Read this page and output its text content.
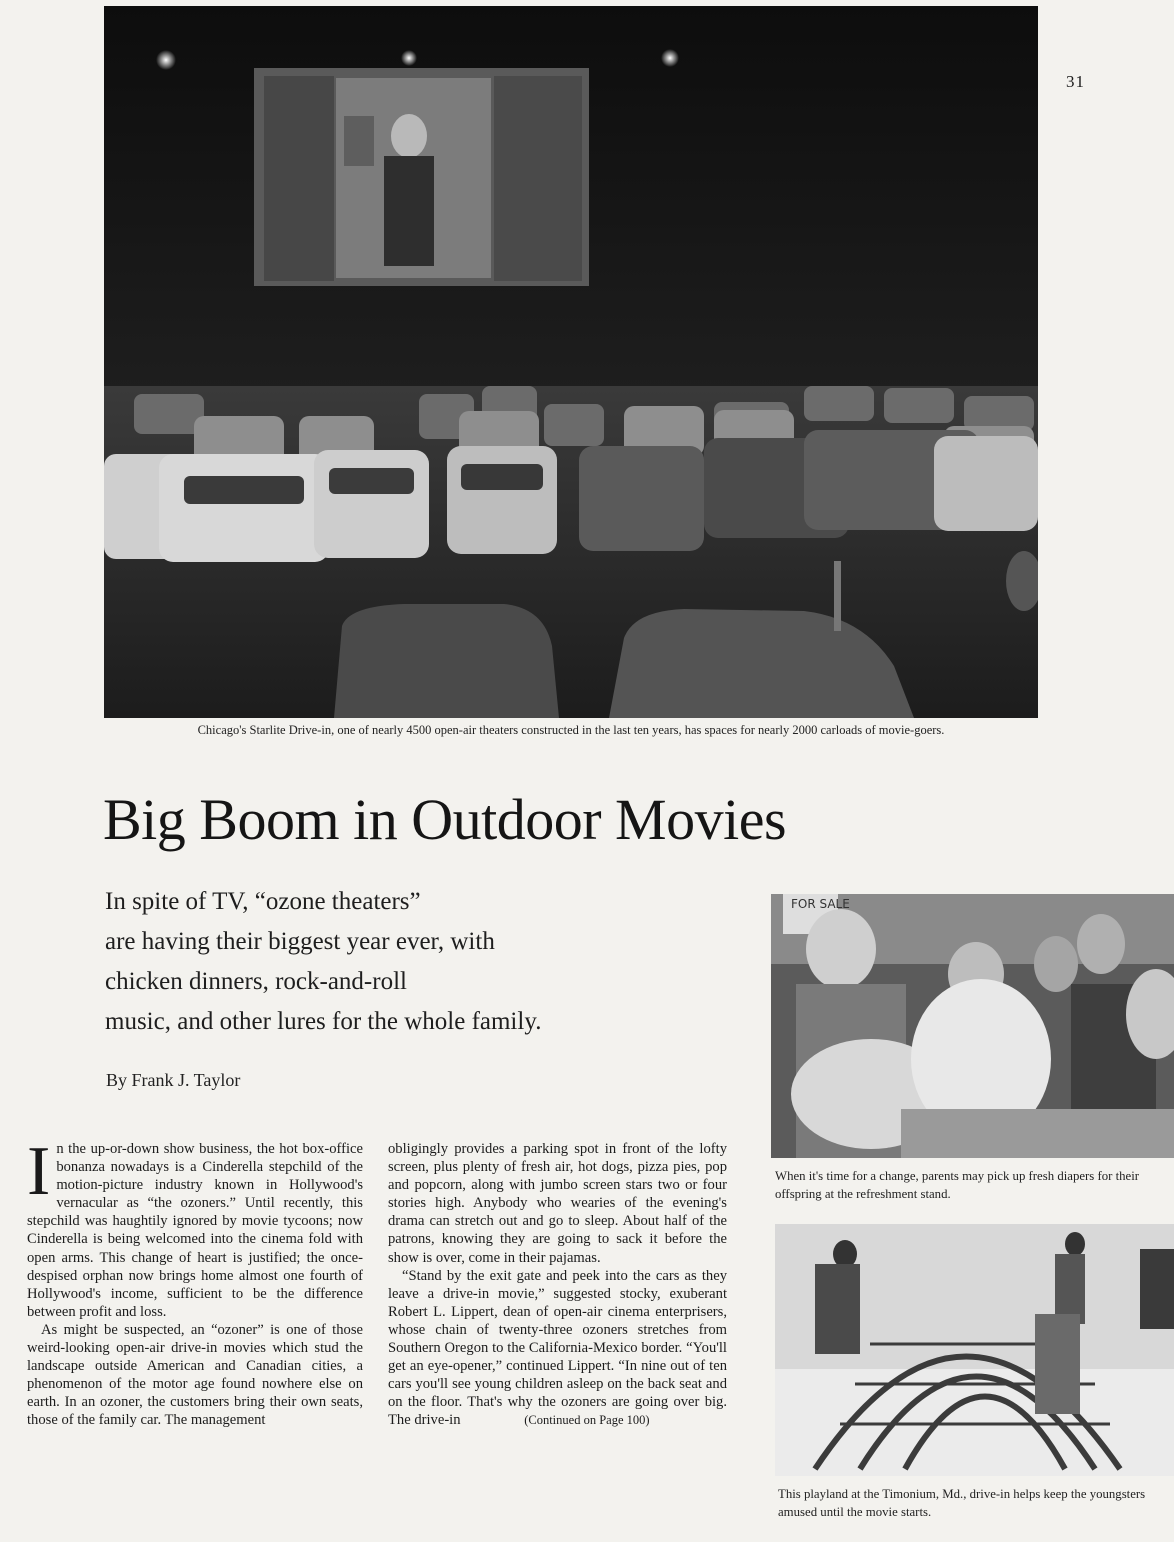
31
Chicago's Starlite Drive-in, one of nearly 4500 open-air theaters constructed in the last ten years, has spaces for nearly 2000 carloads of movie-goers.
Big Boom in Outdoor Movies
In spite of TV, “ozone theaters”
are having their biggest year ever, with
chicken dinners, rock-and-roll
music, and other lures for the whole family.
By Frank J. Taylor

In the up-or-down show business, the hot box-office bonanza nowadays is a Cinderella stepchild of the motion-picture industry known in Hollywood's vernacular as “the ozoners.” Until recently, this stepchild was haughtily ignored by movie tycoons; now Cinderella is being welcomed into the cinema fold with open arms. This change of heart is justified; the once-despised orphan now brings home almost one fourth of Hollywood's income, sufficient to be the difference between profit and loss.

As might be suspected, an “ozoner” is one of those weird-looking open-air drive-in movies which stud the landscape outside American and Canadian cities, a phenomenon of the motor age found nowhere else on earth. In an ozoner, the customers bring their own seats, those of the family car. The management

obligingly provides a parking spot in front of the lofty screen, plus plenty of fresh air, hot dogs, pizza pies, pop and popcorn, along with jumbo screen stars two or four stories high. Anybody who wearies of the evening's drama can stretch out and go to sleep. About half of the patrons, knowing they are going to sack it before the show is over, come in their pajamas.

“Stand by the exit gate and peek into the cars as they leave a drive-in movie,” suggested stocky, exuberant Robert L. Lippert, dean of open-air cinema enterprisers, whose chain of twenty-three ozoners stretches from Southern Oregon to the California-Mexico border. “You'll get an eye-opener,” continued Lippert. “In nine out of ten cars you'll see young children asleep on the back seat and on the floor. That's why the ozoners are going over big. The drive-in	(Continued on Page 100)

FOR SALE
When it's time for a change, parents may pick up fresh diapers for their offspring at the refreshment stand.
This playland at the Timonium, Md., drive-in helps keep the youngsters amused until the movie starts.
